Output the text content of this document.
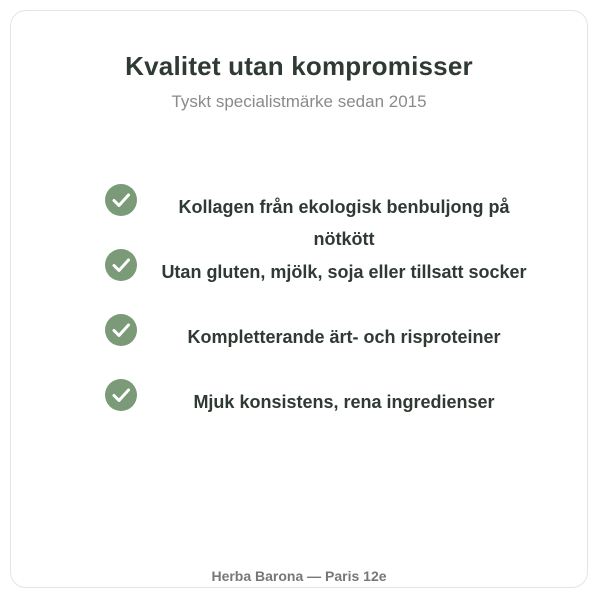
Kvalitet utan kompromisser

Tyskt specialistmärke sedan 2015

Kollagen från ekologisk benbuljong på nötkött
Utan gluten, mjölk, soja eller tillsatt socker
Kompletterande ärt- och risproteiner
Mjuk konsistens, rena ingredienser
Herba Barona — Paris 12e
